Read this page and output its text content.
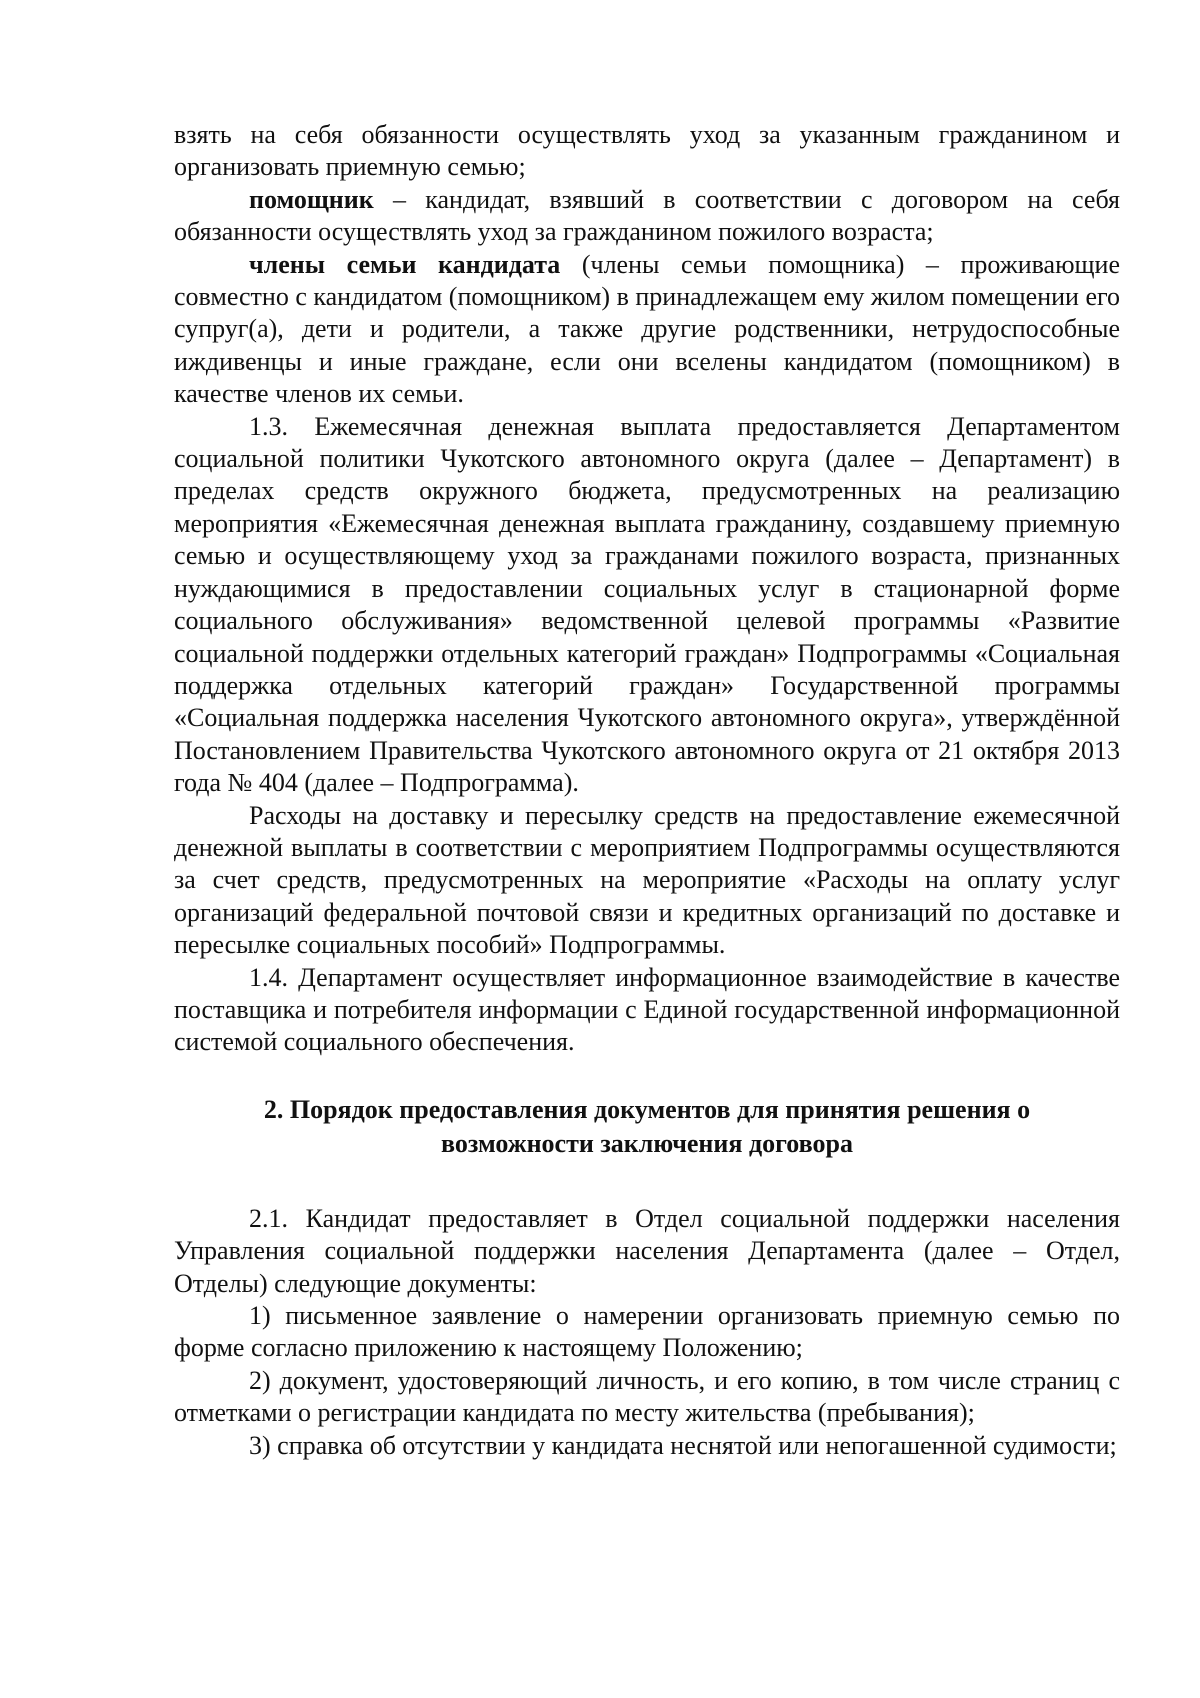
взять на себя обязанности осуществлять уход за указанным гражданином и организовать приемную семью;

помощник – кандидат, взявший в соответствии с договором на себя обязанности осуществлять уход за гражданином пожилого возраста;

члены семьи кандидата (члены семьи помощника) – проживающие совместно с кандидатом (помощником) в принадлежащем ему жилом помещении его супруг(а), дети и родители, а также другие родственники, нетрудоспособные иждивенцы и иные граждане, если они вселены кандидатом (помощником) в качестве членов их семьи.

1.3. Ежемесячная денежная выплата предоставляется Департаментом социальной политики Чукотского автономного округа (далее – Департамент) в пределах средств окружного бюджета, предусмотренных на реализацию мероприятия «Ежемесячная денежная выплата гражданину, создавшему приемную семью и осуществляющему уход за гражданами пожилого возраста, признанных нуждающимися в предоставлении социальных услуг в стационарной форме социального обслуживания» ведомственной целевой программы «Развитие социальной поддержки отдельных категорий граждан» Подпрограммы «Социальная поддержка отдельных категорий граждан» Государственной программы «Социальная поддержка населения Чукотского автономного округа», утверждённой Постановлением Правительства Чукотского автономного округа от 21 октября 2013 года № 404 (далее – Подпрограмма).

Расходы на доставку и пересылку средств на предоставление ежемесячной денежной выплаты в соответствии с мероприятием Подпрограммы осуществляются за счет средств, предусмотренных на мероприятие «Расходы на оплату услуг организаций федеральной почтовой связи и кредитных организаций по доставке и пересылке социальных пособий» Подпрограммы.

1.4. Департамент осуществляет информационное взаимодействие в качестве поставщика и потребителя информации с Единой государственной информационной системой социального обеспечения.

2. Порядок предоставления документов для принятия решения о
возможности заключения договора

2.1. Кандидат предоставляет в Отдел социальной поддержки населения Управления социальной поддержки населения Департамента (далее – Отдел, Отделы) следующие документы:

1) письменное заявление о намерении организовать приемную семью по форме согласно приложению к настоящему Положению;

2) документ, удостоверяющий личность, и его копию, в том числе страниц с отметками о регистрации кандидата по месту жительства (пребывания);

3) справка об отсутствии у кандидата неснятой или непогашенной судимости;
